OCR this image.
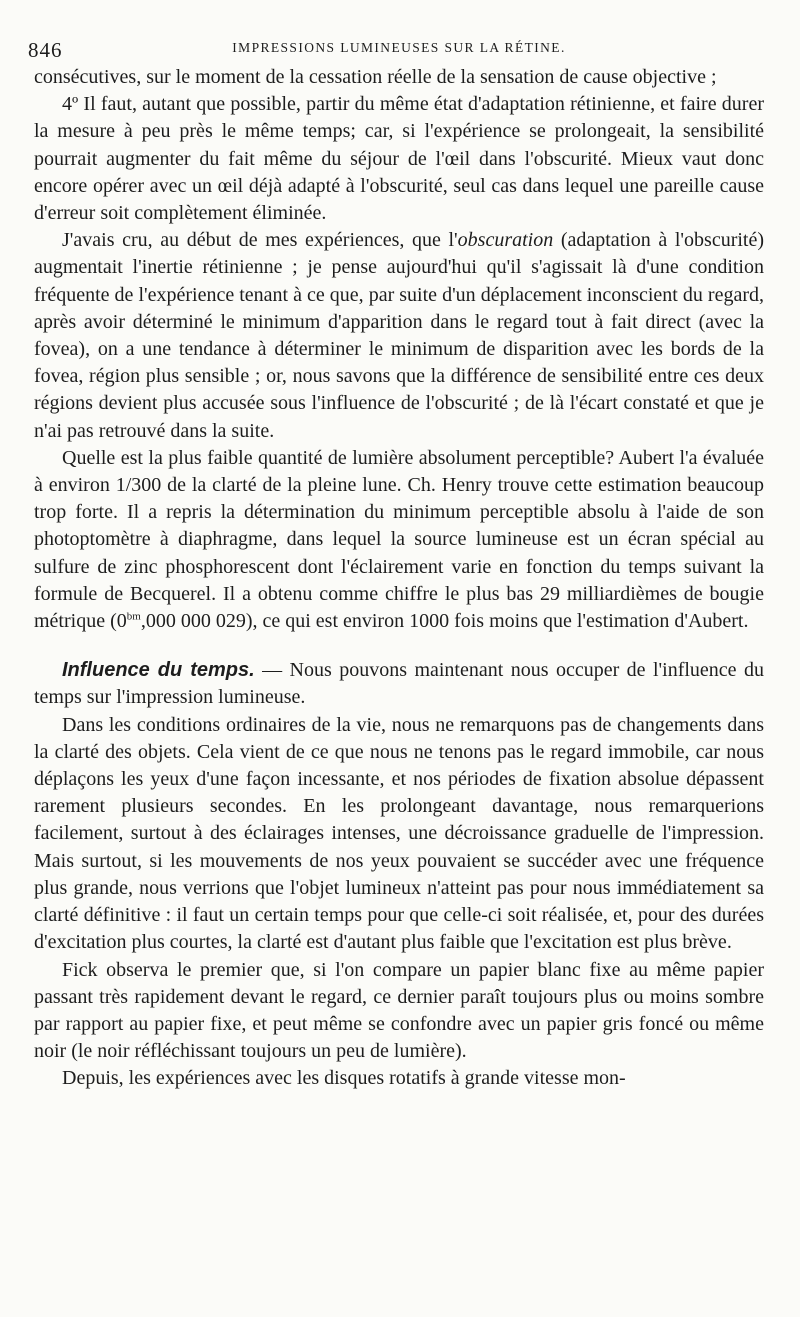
846	IMPRESSIONS LUMINEUSES SUR LA RÉTINE.

consécutives, sur le moment de la cessation réelle de la sensation de cause objective ;

4º Il faut, autant que possible, partir du même état d'adaptation rétinienne, et faire durer la mesure à peu près le même temps; car, si l'expérience se prolongeait, la sensibilité pourrait augmenter du fait même du séjour de l'œil dans l'obscurité. Mieux vaut donc encore opérer avec un œil déjà adapté à l'obscurité, seul cas dans lequel une pareille cause d'erreur soit complètement éliminée.

J'avais cru, au début de mes expériences, que l'obscuration (adaptation à l'obscurité) augmentait l'inertie rétinienne ; je pense aujourd'hui qu'il s'agissait là d'une condition fréquente de l'expérience tenant à ce que, par suite d'un déplacement inconscient du regard, après avoir déterminé le minimum d'apparition dans le regard tout à fait direct (avec la fovea), on a une tendance à déterminer le minimum de disparition avec les bords de la fovea, région plus sensible ; or, nous savons que la différence de sensibilité entre ces deux régions devient plus accusée sous l'influence de l'obscurité ; de là l'écart constaté et que je n'ai pas retrouvé dans la suite.

Quelle est la plus faible quantité de lumière absolument perceptible? Aubert l'a évaluée à environ 1/300 de la clarté de la pleine lune. Ch. Henry trouve cette estimation beaucoup trop forte. Il a repris la détermination du minimum perceptible absolu à l'aide de son photoptomètre à diaphragme, dans lequel la source lumineuse est un écran spécial au sulfure de zinc phosphorescent dont l'éclairement varie en fonction du temps suivant la formule de Becquerel. Il a obtenu comme chiffre le plus bas 29 milliardièmes de bougie métrique ($0^{bm},000$ 000 029), ce qui est environ 1000 fois moins que l'estimation d'Aubert.

Influence du temps. — Nous pouvons maintenant nous occuper de l'influence du temps sur l'impression lumineuse.

Dans les conditions ordinaires de la vie, nous ne remarquons pas de changements dans la clarté des objets. Cela vient de ce que nous ne tenons pas le regard immobile, car nous déplaçons les yeux d'une façon incessante, et nos périodes de fixation absolue dépassent rarement plusieurs secondes. En les prolongeant davantage, nous remarquerions facilement, surtout à des éclairages intenses, une décroissance graduelle de l'impression. Mais surtout, si les mouvements de nos yeux pouvaient se succéder avec une fréquence plus grande, nous verrions que l'objet lumineux n'atteint pas pour nous immédiatement sa clarté définitive : il faut un certain temps pour que celle-ci soit réalisée, et, pour des durées d'excitation plus courtes, la clarté est d'autant plus faible que l'excitation est plus brève.

Fick observa le premier que, si l'on compare un papier blanc fixe au même papier passant très rapidement devant le regard, ce dernier paraît toujours plus ou moins sombre par rapport au papier fixe, et peut même se confondre avec un papier gris foncé ou même noir (le noir réfléchissant toujours un peu de lumière).

Depuis, les expériences avec les disques rotatifs à grande vitesse mon-
